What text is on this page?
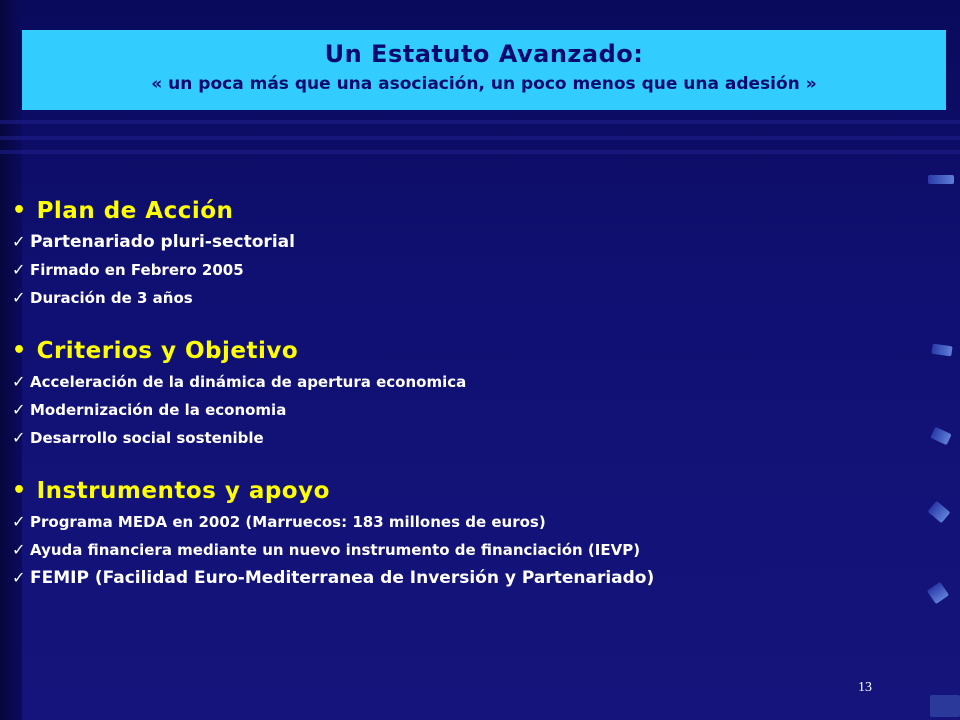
Un Estatuto Avanzado:
« un poca más que una asociación, un poco menos que una adesión »
• Plan de Acción
✓ Partenariado pluri-sectorial
✓ Firmado en Febrero 2005
✓ Duración de 3 años
• Criterios y Objetivo
✓ Acceleración de la dinámica de apertura economica
✓ Modernización de la economia
✓ Desarrollo social sostenible
• Instrumentos y apoyo
✓ Programa MEDA en 2002 (Marruecos: 183 millones de euros)
✓ Ayuda financiera mediante un nuevo instrumento de financiación (IEVP)
✓ FEMIP (Facilidad Euro-Mediterranea de Inversión y Partenariado)
13
